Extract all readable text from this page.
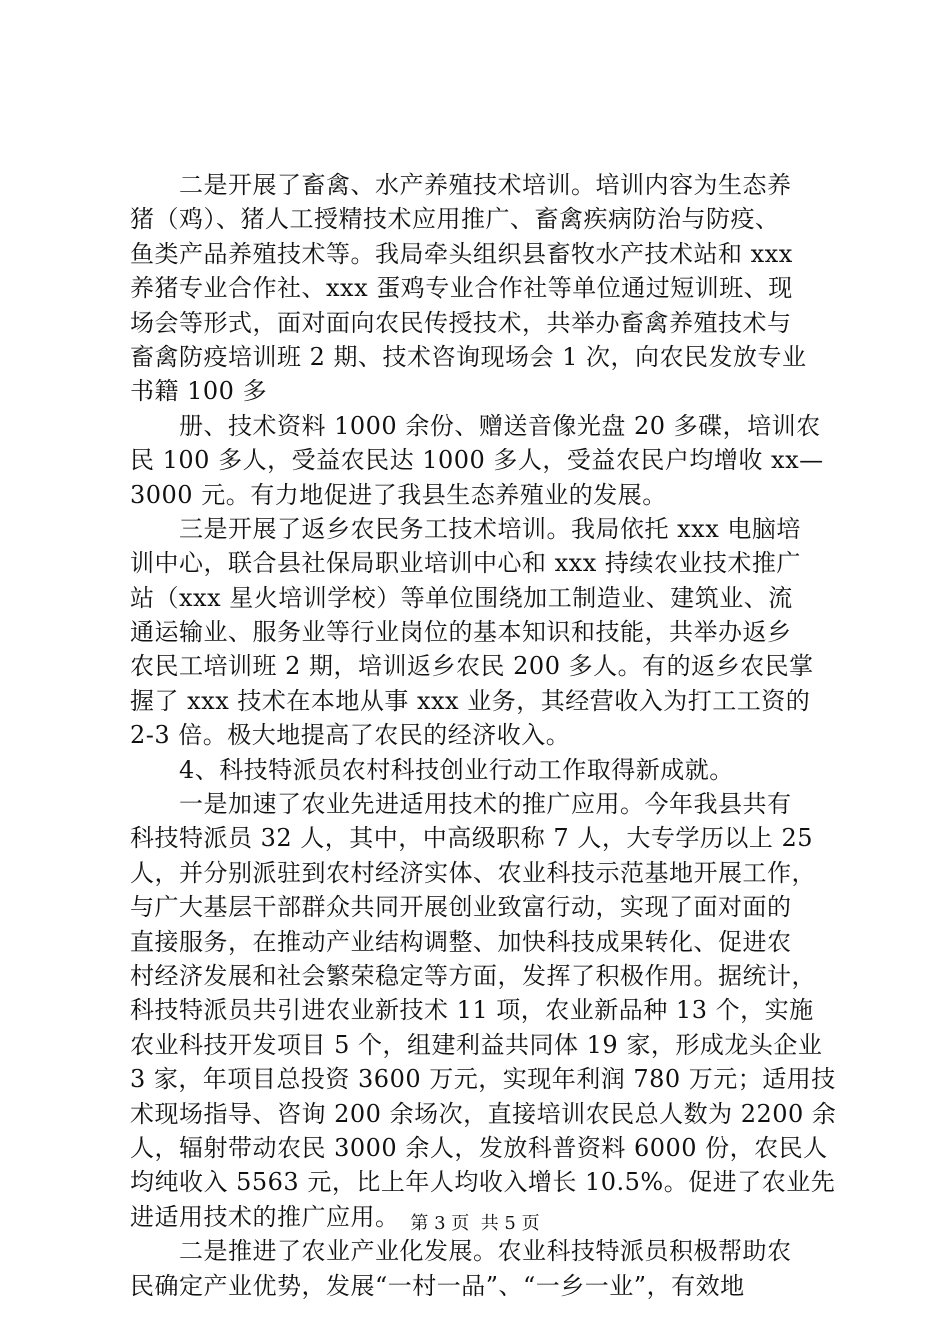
　　二是开展了畜禽、水产养殖技术培训。培训内容为生态养
猪（鸡）、猪人工授精技术应用推广、畜禽疾病防治与防疫、
鱼类产品养殖技术等。我局牵头组织县畜牧水产技术站和 xxx
养猪专业合作社、xxx 蛋鸡专业合作社等单位通过短训班、现
场会等形式，面对面向农民传授技术，共举办畜禽养殖技术与
畜禽防疫培训班 2 期、技术咨询现场会 1 次，向农民发放专业
书籍 100 多
　　册、技术资料 1000 余份、赠送音像光盘 20 多碟，培训农
民 100 多人，受益农民达 1000 多人，受益农民户均增收 xx—
3000 元。有力地促进了我县生态养殖业的发展。
　　三是开展了返乡农民务工技术培训。我局依托 xxx 电脑培
训中心，联合县社保局职业培训中心和 xxx 持续农业技术推广
站（xxx 星火培训学校）等单位围绕加工制造业、建筑业、流
通运输业、服务业等行业岗位的基本知识和技能，共举办返乡
农民工培训班 2 期，培训返乡农民 200 多人。有的返乡农民掌
握了 xxx 技术在本地从事 xxx 业务，其经营收入为打工工资的
2-3 倍。极大地提高了农民的经济收入。
　　4、科技特派员农村科技创业行动工作取得新成就。
　　一是加速了农业先进适用技术的推广应用。今年我县共有
科技特派员 32 人，其中，中高级职称 7 人，大专学历以上 25
人，并分别派驻到农村经济实体、农业科技示范基地开展工作，
与广大基层干部群众共同开展创业致富行动，实现了面对面的
直接服务，在推动产业结构调整、加快科技成果转化、促进农
村经济发展和社会繁荣稳定等方面，发挥了积极作用。据统计，
科技特派员共引进农业新技术 11 项，农业新品种 13 个，实施
农业科技开发项目 5 个，组建利益共同体 19 家，形成龙头企业
3 家，年项目总投资 3600 万元，实现年利润 780 万元；适用技
术现场指导、咨询 200 余场次，直接培训农民总人数为 2200 余
人，辐射带动农民 3000 余人，发放科普资料 6000 份，农民人
均纯收入 5563 元，比上年人均收入增长 10.5%。促进了农业先
进适用技术的推广应用。
　　二是推进了农业产业化发展。农业科技特派员积极帮助农
民确定产业优势，发展“一村一品”、“一乡一业”，有效地
第 3 页  共 5 页
